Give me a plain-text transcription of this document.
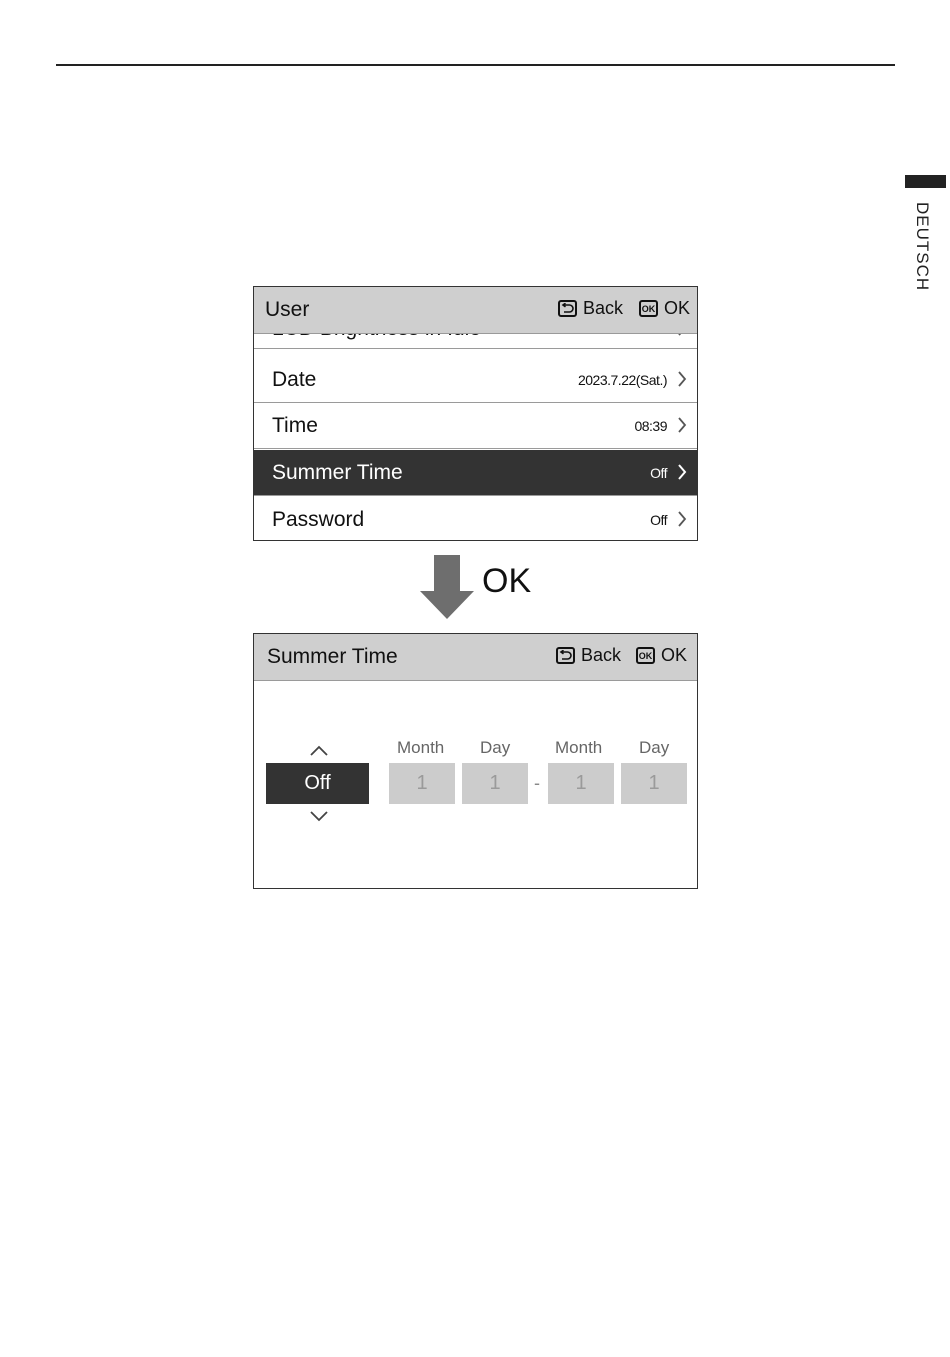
DEUTSCH
User	Back	OK OK
Date	2023.7.22(Sat.)
Time	08:39
Summer Time	Off
Password	Off
OK
Summer Time	Back	OK OK
Off
Month Day	Month Day
1	1	-	1	1
